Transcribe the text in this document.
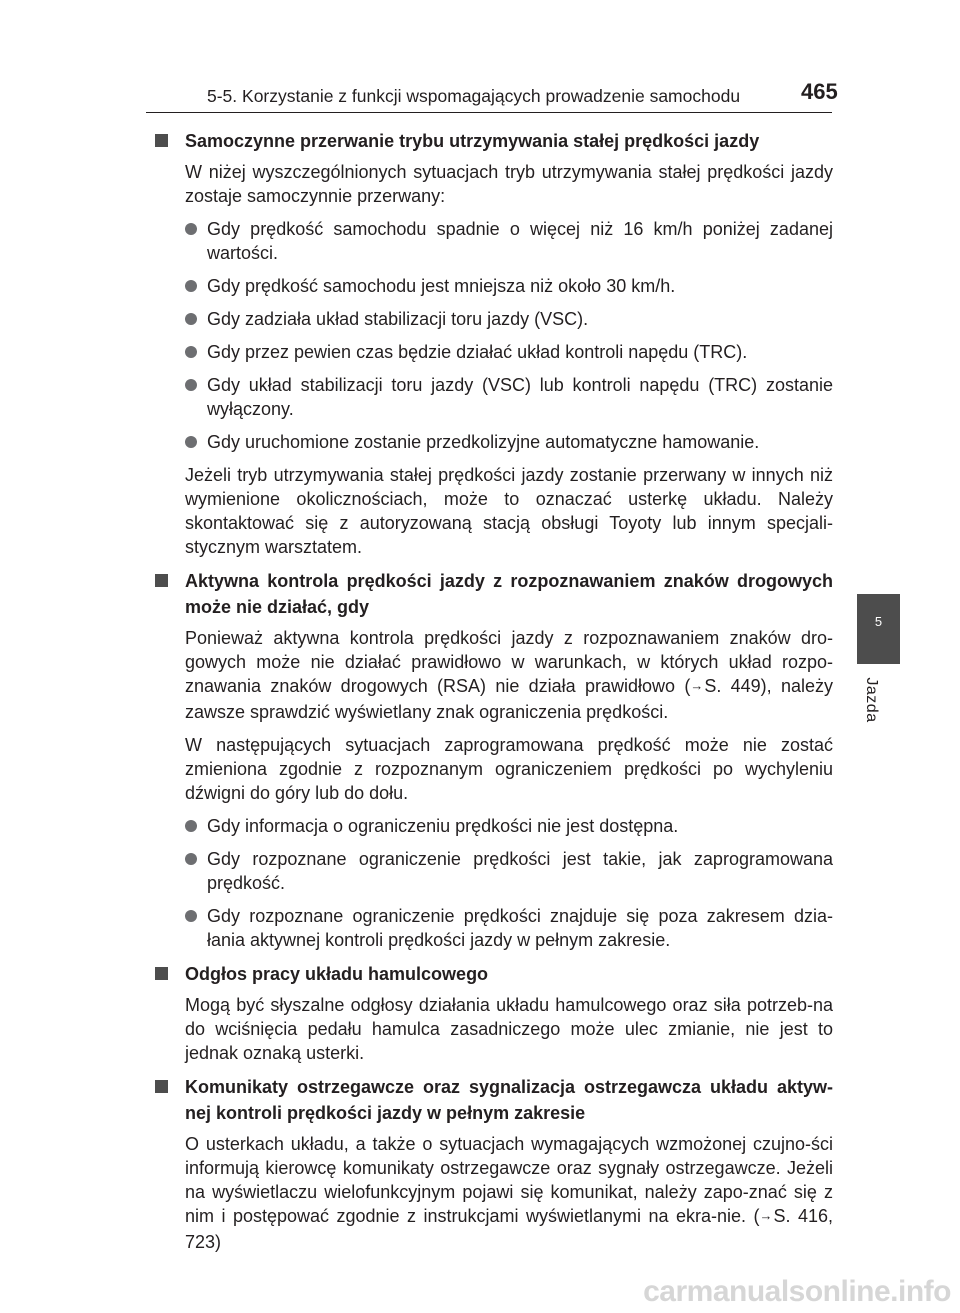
5-5. Korzystanie z funkcji wspomagających prowadzenie samochodu	465
5
Jazda
Samoczynne przerwanie trybu utrzymywania stałej prędkości jazdy

W niżej wyszczególnionych sytuacjach tryb utrzymywania stałej prędkości jazdy zostaje samoczynnie przerwany:

Gdy prędkość samochodu spadnie o więcej niż 16 km/h poniżej zadanej wartości.
Gdy prędkość samochodu jest mniejsza niż około 30 km/h.
Gdy zadziała układ stabilizacji toru jazdy (VSC).
Gdy przez pewien czas będzie działać układ kontroli napędu (TRC).
Gdy układ stabilizacji toru jazdy (VSC) lub kontroli napędu (TRC) zostanie wyłączony.
Gdy uruchomione zostanie przedkolizyjne automatyczne hamowanie.

Jeżeli tryb utrzymywania stałej prędkości jazdy zostanie przerwany w innych niż wymienione okolicznościach, może to oznaczać usterkę układu. Należy skontaktować się z autoryzowaną stacją obsługi Toyoty lub innym specjali-stycznym warsztatem.

Aktywna kontrola prędkości jazdy z rozpoznawaniem znaków drogowych może nie działać, gdy

Ponieważ aktywna kontrola prędkości jazdy z rozpoznawaniem znaków dro-gowych może nie działać prawidłowo w warunkach, w których układ rozpo-znawania znaków drogowych (RSA) nie działa prawidłowo (→S. 449), należy zawsze sprawdzić wyświetlany znak ograniczenia prędkości.

W następujących sytuacjach zaprogramowana prędkość może nie zostać zmieniona zgodnie z rozpoznanym ograniczeniem prędkości po wychyleniu dźwigni do góry lub do dołu.

Gdy informacja o ograniczeniu prędkości nie jest dostępna.
Gdy rozpoznane ograniczenie prędkości jest takie, jak zaprogramowana prędkość.
Gdy rozpoznane ograniczenie prędkości znajduje się poza zakresem dzia-łania aktywnej kontroli prędkości jazdy w pełnym zakresie.
Odgłos pracy układu hamulcowego

Mogą być słyszalne odgłosy działania układu hamulcowego oraz siła potrzeb-na do wciśnięcia pedału hamulca zasadniczego może ulec zmianie, nie jest to jednak oznaką usterki.

Komunikaty ostrzegawcze oraz sygnalizacja ostrzegawcza układu aktyw-nej kontroli prędkości jazdy w pełnym zakresie

O usterkach układu, a także o sytuacjach wymagających wzmożonej czujno-ści informują kierowcę komunikaty ostrzegawcze oraz sygnały ostrzegawcze. Jeżeli na wyświetlaczu wielofunkcyjnym pojawi się komunikat, należy zapo-znać się z nim i postępować zgodnie z instrukcjami wyświetlanymi na ekra-nie. (→S. 416, 723)

carmanualsonline.info
